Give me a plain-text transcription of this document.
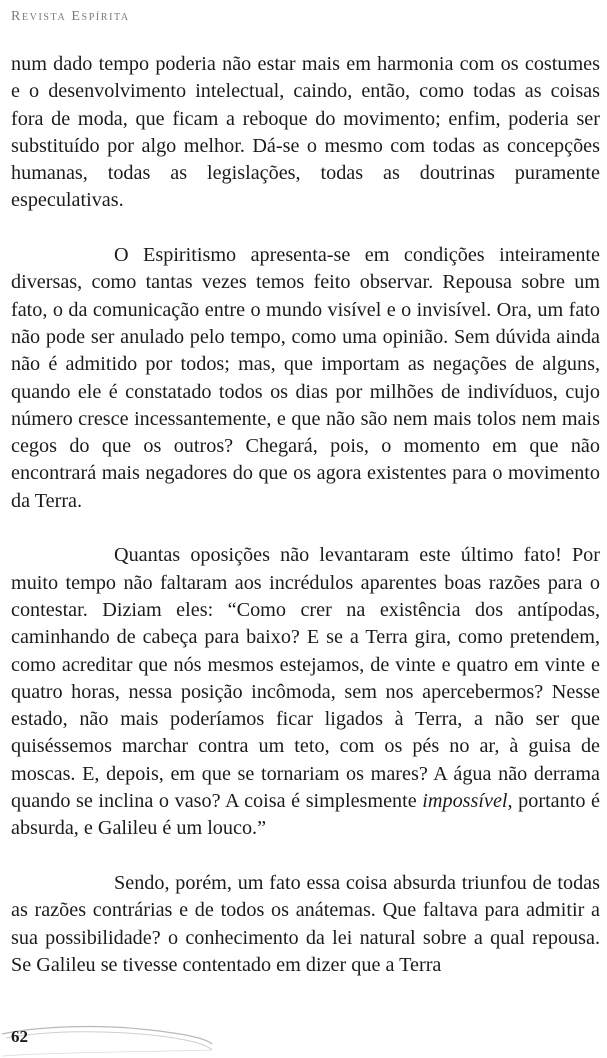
Revista Espírita

num dado tempo poderia não estar mais em harmonia com os costumes e o desenvolvimento intelectual, caindo, então, como todas as coisas fora de moda, que ficam a reboque do movimento; enfim, poderia ser substituído por algo melhor. Dá-se o mesmo com todas as concepções humanas, todas as legislações, todas as doutrinas puramente especulativas.

O Espiritismo apresenta-se em condições inteiramente diversas, como tantas vezes temos feito observar. Repousa sobre um fato, o da comunicação entre o mundo visível e o invisível. Ora, um fato não pode ser anulado pelo tempo, como uma opinião. Sem dúvida ainda não é admitido por todos; mas, que importam as negações de alguns, quando ele é constatado todos os dias por milhões de indivíduos, cujo número cresce incessantemente, e que não são nem mais tolos nem mais cegos do que os outros? Chegará, pois, o momento em que não encontrará mais negadores do que os agora existentes para o movimento da Terra.

Quantas oposições não levantaram este último fato! Por muito tempo não faltaram aos incrédulos aparentes boas razões para o contestar. Diziam eles: “Como crer na existência dos antípodas, caminhando de cabeça para baixo? E se a Terra gira, como pretendem, como acreditar que nós mesmos estejamos, de vinte e quatro em vinte e quatro horas, nessa posição incômoda, sem nos apercebermos? Nesse estado, não mais poderíamos ficar ligados à Terra, a não ser que quiséssemos marchar contra um teto, com os pés no ar, à guisa de moscas. E, depois, em que se tornariam os mares? A água não derrama quando se inclina o vaso? A coisa é simplesmente impossível, portanto é absurda, e Galileu é um louco.”

Sendo, porém, um fato essa coisa absurda triunfou de todas as razões contrárias e de todos os anátemas. Que faltava para admitir a sua possibilidade? o conhecimento da lei natural sobre a qual repousa. Se Galileu se tivesse contentado em dizer que a Terra

62
